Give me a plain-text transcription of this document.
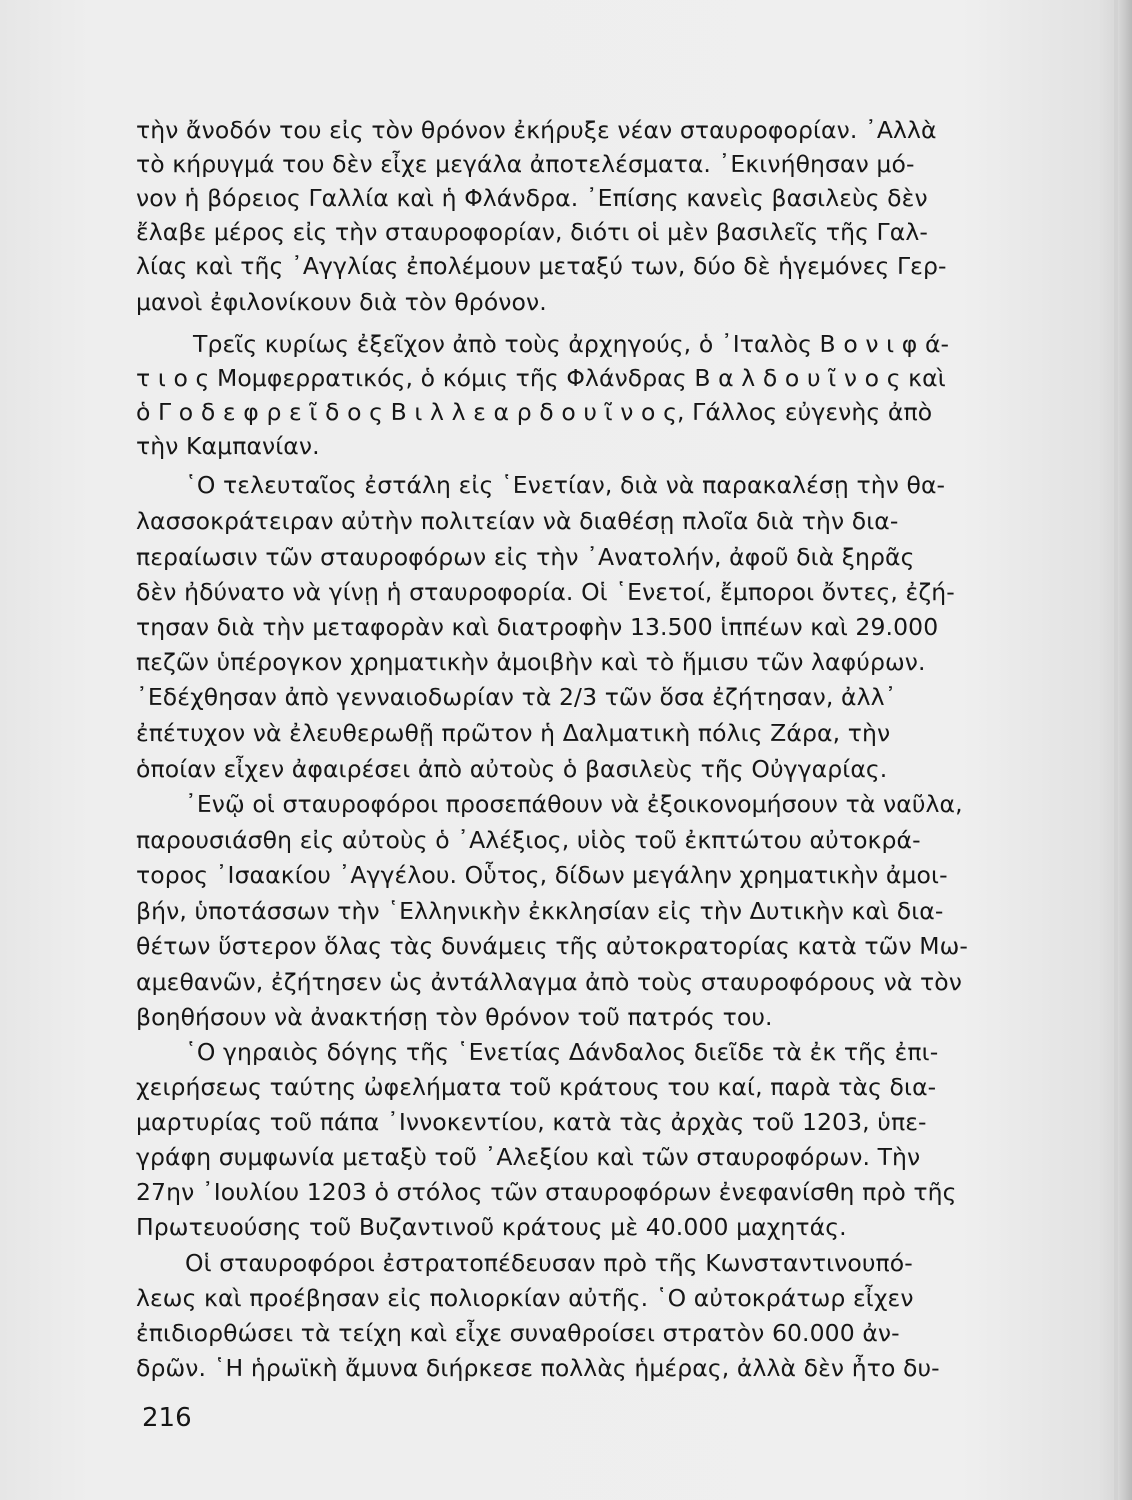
τὴν ἄνοδόν του εἰς τὸν θρόνον ἐκήρυξε νέαν σταυροφορίαν. ᾿Αλλὰ
τὸ κήρυγμά του δὲν εἶχε μεγάλα ἀποτελέσματα. ᾿Εκινήθησαν μό-
νον ἡ βόρειος Γαλλία καὶ ἡ Φλάνδρα. ᾿Επίσης κανεὶς βασιλεὺς δὲν
ἔλαβε μέρος εἰς τὴν σταυροφορίαν, διότι οἱ μὲν βασιλεῖς τῆς Γαλ-
λίας καὶ τῆς ᾿Αγγλίας ἐπολέμουν μεταξύ των, δύο δὲ ἡγεμόνες Γερ-
μανοὶ ἐφιλονίκουν διὰ τὸν θρόνον.
Τρεῖς κυρίως ἐξεῖχον ἀπὸ τοὺς ἀρχηγούς, ὁ ᾿Ιταλὸς Β ο ν ι φ ά-
τ ι ο ς Μομφερρατικός, ὁ κόμις τῆς Φλάνδρας Β α λ δ ο υ ῖ ν ο ς καὶ
ὁ Γ ο δ ε φ ρ ε ῖ δ ο ς Β ι λ λ ε α ρ δ ο υ ῖ ν ο ς, Γάλλος εὐγενὴς ἀπὸ
τὴν Καμπανίαν.
῾Ο τελευταῖος ἐστάλη εἰς ῾Ενετίαν, διὰ νὰ παρακαλέσῃ τὴν θα-
λασσοκράτειραν αὐτὴν πολιτείαν νὰ διαθέσῃ πλοῖα διὰ τὴν δια-
περαίωσιν τῶν σταυροφόρων εἰς τὴν ᾿Ανατολήν, ἀφοῦ διὰ ξηρᾶς
δὲν ἠδύνατο νὰ γίνῃ ἡ σταυροφορία. Οἱ ῾Ενετοί, ἔμποροι ὄντες, ἐζή-
τησαν διὰ τὴν μεταφορὰν καὶ διατροφὴν 13.500 ἱππέων καὶ 29.000
πεζῶν ὑπέρογκον χρηματικὴν ἀμοιβὴν καὶ τὸ ἥμισυ τῶν λαφύρων.
᾿Εδέχθησαν ἀπὸ γενναιοδωρίαν τὰ 2/3 τῶν ὅσα ἐζήτησαν, ἀλλ᾿
ἐπέτυχον νὰ ἐλευθερωθῇ πρῶτον ἡ Δαλματικὴ πόλις Ζάρα, τὴν
ὁποίαν εἶχεν ἀφαιρέσει ἀπὸ αὐτοὺς ὁ βασιλεὺς τῆς Οὐγγαρίας.
᾿Ενῷ οἱ σταυροφόροι προσεπάθουν νὰ ἐξοικονομήσουν τὰ ναῦλα,
παρουσιάσθη εἰς αὐτοὺς ὁ ᾿Αλέξιος, υἱὸς τοῦ ἐκπτώτου αὐτοκρά-
τορος ᾿Ισαακίου ᾿Αγγέλου. Οὗτος, δίδων μεγάλην χρηματικὴν ἀμοι-
βήν, ὑποτάσσων τὴν ῾Ελληνικὴν ἐκκλησίαν εἰς τὴν Δυτικὴν καὶ δια-
θέτων ὕστερον ὅλας τὰς δυνάμεις τῆς αὐτοκρατορίας κατὰ τῶν Μω-
αμεθανῶν, ἐζήτησεν ὡς ἀντάλλαγμα ἀπὸ τοὺς σταυροφόρους νὰ τὸν
βοηθήσουν νὰ ἀνακτήσῃ τὸν θρόνον τοῦ πατρός του.
῾Ο γηραιὸς δόγης τῆς ῾Ενετίας Δάνδαλος διεῖδε τὰ ἐκ τῆς ἐπι-
χειρήσεως ταύτης ὠφελήματα τοῦ κράτους του καί, παρὰ τὰς δια-
μαρτυρίας τοῦ πάπα ᾿Ιννοκεντίου, κατὰ τὰς ἀρχὰς τοῦ 1203, ὑπε-
γράφη συμφωνία μεταξὺ τοῦ ᾿Αλεξίου καὶ τῶν σταυροφόρων. Τὴν
27ην ᾿Ιουλίου 1203 ὁ στόλος τῶν σταυροφόρων ἐνεφανίσθη πρὸ τῆς
Πρωτευούσης τοῦ Βυζαντινοῦ κράτους μὲ 40.000 μαχητάς.
Οἱ σταυροφόροι ἐστρατοπέδευσαν πρὸ τῆς Κωνσταντινουπό-
λεως καὶ προέβησαν εἰς πολιορκίαν αὐτῆς. ῾Ο αὐτοκράτωρ εἶχεν
ἐπιδιορθώσει τὰ τείχη καὶ εἶχε συναθροίσει στρατὸν 60.000 ἀν-
δρῶν. ῾Η ἡρωϊκὴ ἄμυνα διήρκεσε πολλὰς ἡμέρας, ἀλλὰ δὲν ἦτο δυ-
216
